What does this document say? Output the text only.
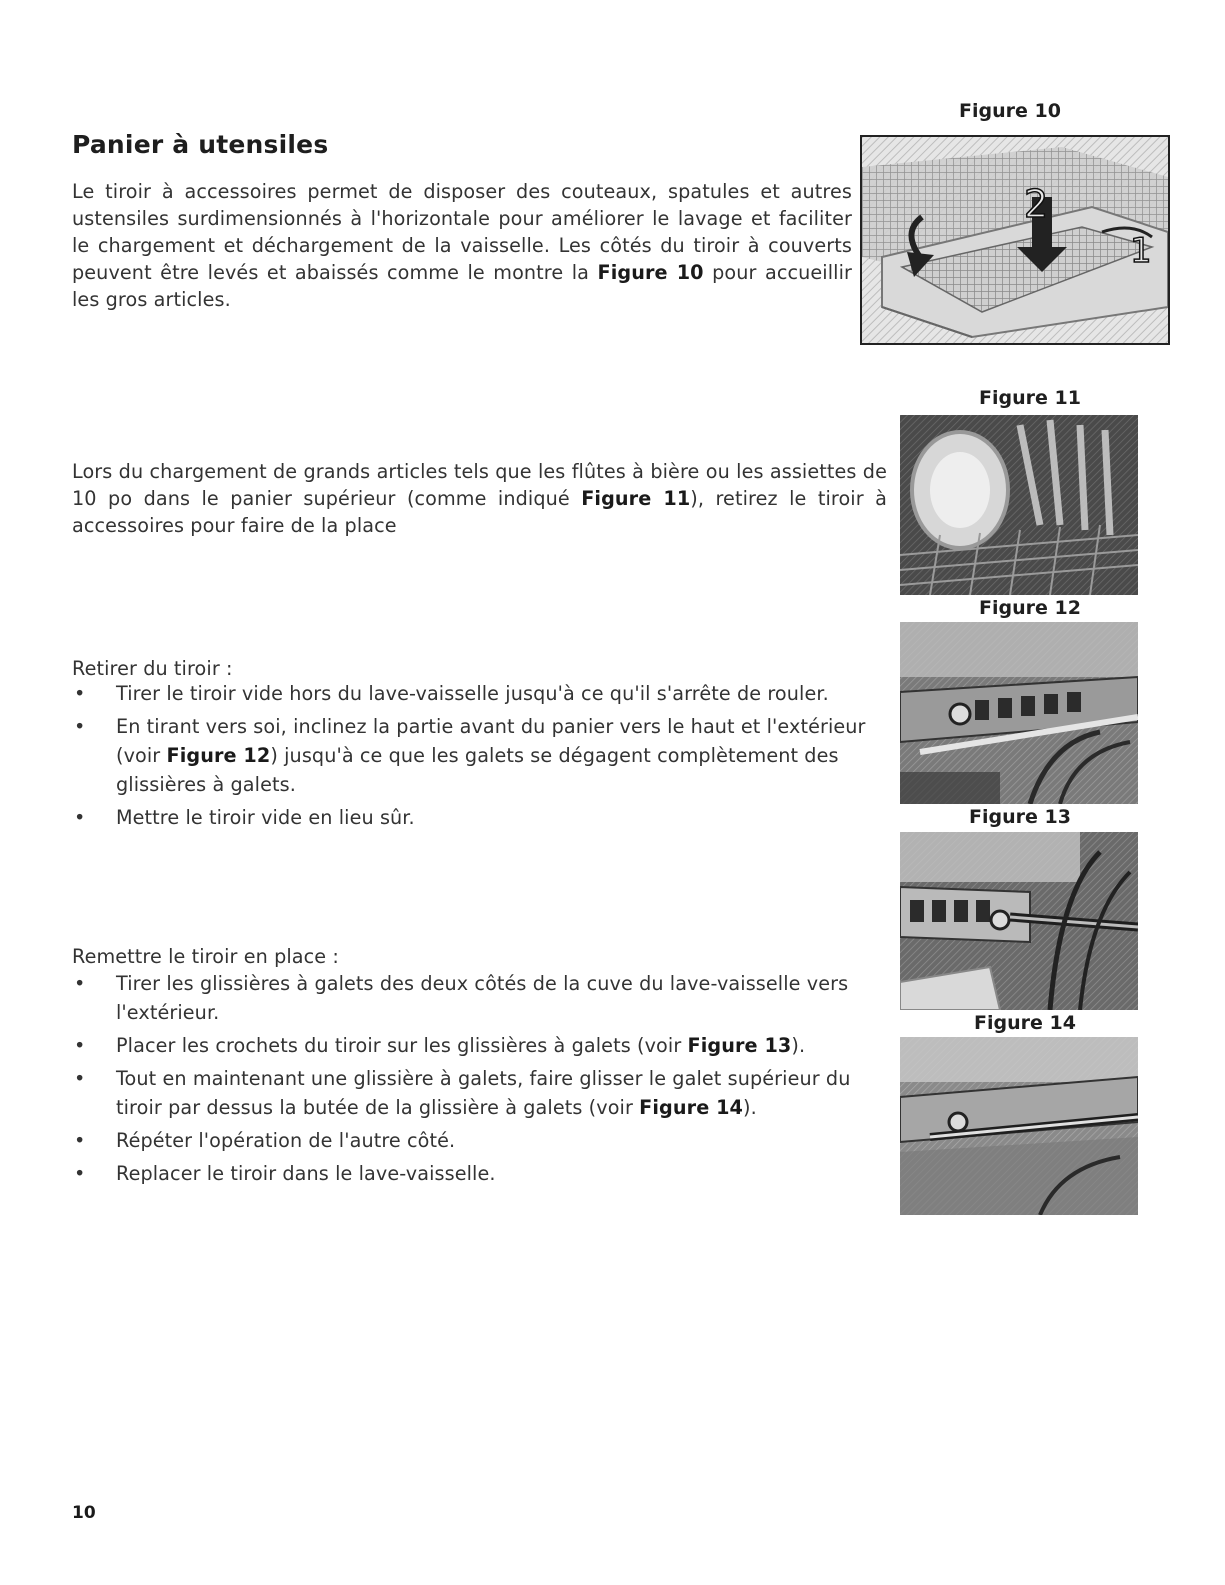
Panier à utensiles

Le tiroir à accessoires permet de disposer des couteaux, spatules et autres ustensiles surdimensionnés à l'horizontale pour améliorer le lavage et faciliter le chargement et déchargement de la vaisselle. Les côtés du tiroir à couverts peuvent être levés et abaissés comme le montre la Figure 10 pour accueillir les gros articles.

Figure 10
2
1

Lors du chargement de grands articles tels que les flûtes à bière ou les assiettes de 10 po dans le panier supérieur (comme indiqué Figure 11), retirez le tiroir à accessoires pour faire de la place

Figure 11
Retirer du tiroir :
• Tirer le tiroir vide hors du lave-vaisselle jusqu'à ce qu'il s'arrête de rouler.
• En tirant vers soi, inclinez la partie avant du panier vers le haut et l'extérieur (voir Figure 12) jusqu'à ce que les galets se dégagent complètement des glissières à galets.
• Mettre le tiroir vide en lieu sûr.
Figure 12
Figure 13
Remettre le tiroir en place :
• Tirer les glissières à galets des deux côtés de la cuve du lave-vaisselle vers l'extérieur.
• Placer les crochets du tiroir sur les glissières à galets (voir Figure 13).
• Tout en maintenant une glissière à galets, faire glisser le galet supérieur du tiroir par dessus la butée de la glissière à galets (voir Figure 14).
• Répéter l'opération de l'autre côté.
• Replacer le tiroir dans le lave-vaisselle.
Figure 14
10
